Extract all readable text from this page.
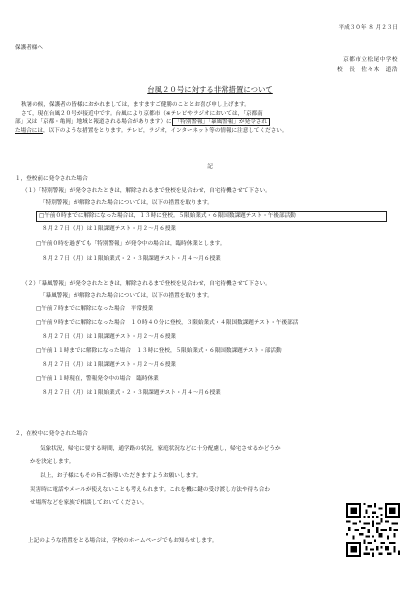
平成３０年 ８ 月２３日
保護者様へ
京都市立松尾中学校
校　長　佐々木　道浩
台風２０号に対する非常措置について

秋暑の候，保護者の皆様におかれましては，ますますご健勝のこととお喜び申し上げます。

さて，現在台風２０号が接近中です。台風により京都市（※テレビやラジオにおいては，「京都南

部」又は「京都・亀岡」地域と報道される場合があります）に 「特別警報」「暴風警報」が発令され
た場合には，以下のような措置をとります。テレビ，ラジオ，インターネット等の情報に注意してください。
記
１，登校前に発令された場合
（１）「特別警報」が発令されたときは，解除されるまで登校を見合わせ，自宅待機させて下さい。
「特別警報」が解除された場合については，以下の措置を取ります。
□午前０時までに解除になった場合は，１３時に登校。５限始業式・６限国数課題テスト・午後部活動
８月２７日（月）は１限課題テスト・月２～月６授業
□午前０時を過ぎても「特別警報」が発令中の場合は，臨時休業とします。
８月２７日（月）は１限始業式・２・３限課題テスト・月４～月６授業
（２）「暴風警報」が発令されたときは，解除されるまで登校を見合わせ，自宅待機させて下さい。
「暴風警報」が解除された場合については，以下の措置を取ります。
□午前７時までに解除になった場合　平常授業
□午前９時までに解除になった場合　１０時４０分に登校，３限始業式・４限国数課題テスト・午後部活
８月２７日（月）は１限課題テスト・月２～月６授業
□午前１１時までに解除になった場合　１３時に登校，５限始業式・６限国数課題テスト・部活動
８月２７日（月）は１限課題テスト・月２～月６授業
□午前１１時現在，警報発令中の場合　臨時休業
８月２７日（月）は１限始業式・２・３限課題テスト・月４～月６授業
２，在校中に発令された場合
気象状況，帰宅に要する時間，通学路の状況，家庭状況などに十分配慮し，帰宅させるかどうか
かを決定します。
以上，お子様にもその旨ご指導いただきますようお願いします。
災害時に電話やメールが使えないことも考えられます。これを機に鍵の受け渡し方法や待ち合わ
せ場所などを家族で相談しておいてください。
上記のような措置をとる場合は，学校のホームページでもお知らせします。
